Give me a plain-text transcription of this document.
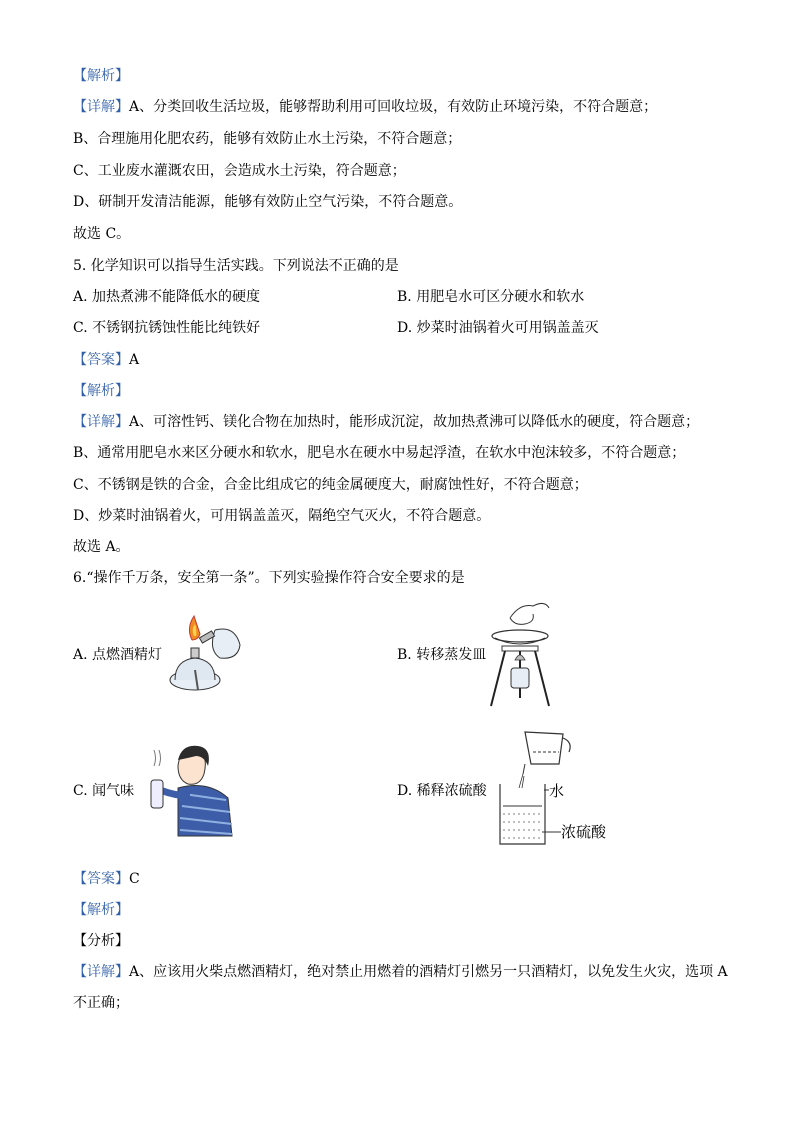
【解析】
【详解】A、分类回收生活垃圾，能够帮助利用可回收垃圾，有效防止环境污染，不符合题意；
B、合理施用化肥农药，能够有效防止水土污染，不符合题意；
C、工业废水灌溉农田，会造成水土污染，符合题意；
D、研制开发清洁能源，能够有效防止空气污染，不符合题意。
故选 C。
5. 化学知识可以指导生活实践。下列说法不正确的是
A. 加热煮沸不能降低水的硬度	B. 用肥皂水可区分硬水和软水
C. 不锈钢抗锈蚀性能比纯铁好	D. 炒菜时油锅着火可用锅盖盖灭
【答案】A
【解析】
【详解】A、可溶性钙、镁化合物在加热时，能形成沉淀，故加热煮沸可以降低水的硬度，符合题意；
B、通常用肥皂水来区分硬水和软水，肥皂水在硬水中易起浮渣，在软水中泡沫较多，不符合题意；
C、不锈钢是铁的合金，合金比组成它的纯金属硬度大，耐腐蚀性好，不符合题意；
D、炒菜时油锅着火，可用锅盖盖灭，隔绝空气灭火，不符合题意。
故选 A。
6.“操作千万条，安全第一条”。下列实验操作符合安全要求的是
A. 点燃酒精灯	B. 转移蒸发皿
C. 闻气味	D. 稀释浓硫酸	水
浓硫酸
【答案】C
【解析】
【分析】
【详解】A、应该用火柴点燃酒精灯，绝对禁止用燃着的酒精灯引燃另一只酒精灯，以免发生火灾，选项 A
不正确；
